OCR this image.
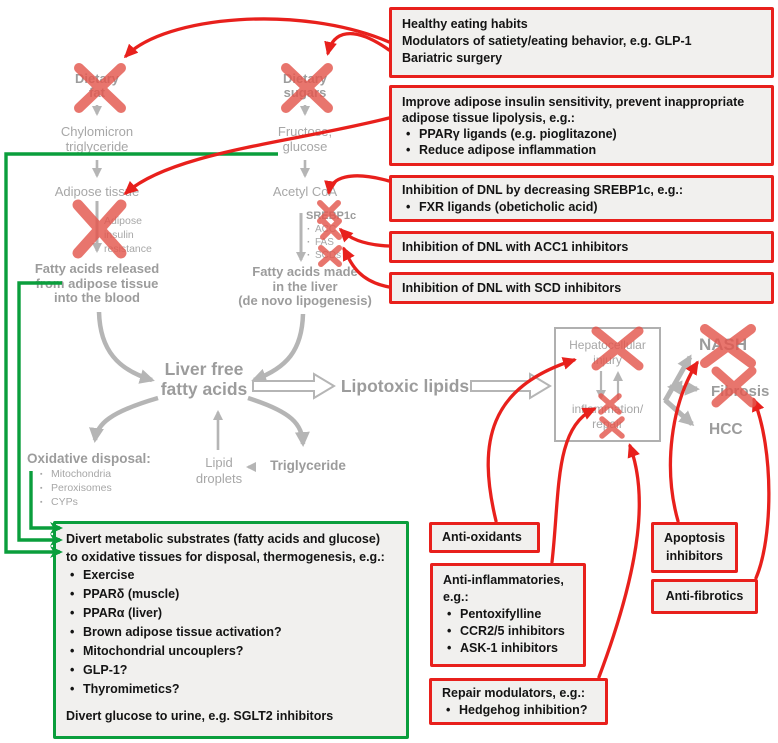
Dietary
fat
Dietary
sugars
Chylomicron
triglyceride
Fructose,
glucose
Adipose tissue	Acetyl CoA
Adipose
insulin
resistance
SREBP1c
· ACC
· FAS
· SCDs
Fatty acids released
from adipose tissue
into the blood
Fatty acids made
in the liver
(de novo lipogenesis)
Liver free
fatty acids	Lipotoxic lipids
Oxidative disposal:
▪ Mitochondria
▪ Peroxisomes
▪ CYPs
Lipid
droplets
Triglyceride
Hepatocellular
injury
inflammation/
repair
NASH
Fibrosis
HCC
Healthy eating habits
Modulators of satiety/eating behavior, e.g. GLP-1
Bariatric surgery
Improve adipose insulin sensitivity, prevent inappropriate
adipose tissue lipolysis, e.g.:
• PPARγ ligands (e.g. pioglitazone)
• Reduce adipose inflammation
Inhibition of DNL by decreasing SREBP1c, e.g.:
• FXR ligands (obeticholic acid)
Inhibition of DNL with ACC1 inhibitors
Inhibition of DNL with SCD inhibitors
Anti-oxidants
Anti-inflammatories,
e.g.:
• Pentoxifylline
• CCR2/5 inhibitors
• ASK-1 inhibitors
Repair modulators, e.g.:
• Hedgehog inhibition?
Apoptosis
inhibitors
Anti-fibrotics
Divert metabolic substrates (fatty acids and glucose)
to oxidative tissues for disposal, thermogenesis, e.g.:
• Exercise
• PPARδ (muscle)
• PPARα (liver)
• Brown adipose tissue activation?
• Mitochondrial uncouplers?
• GLP-1?
• Thyromimetics?
Divert glucose to urine, e.g. SGLT2 inhibitors
